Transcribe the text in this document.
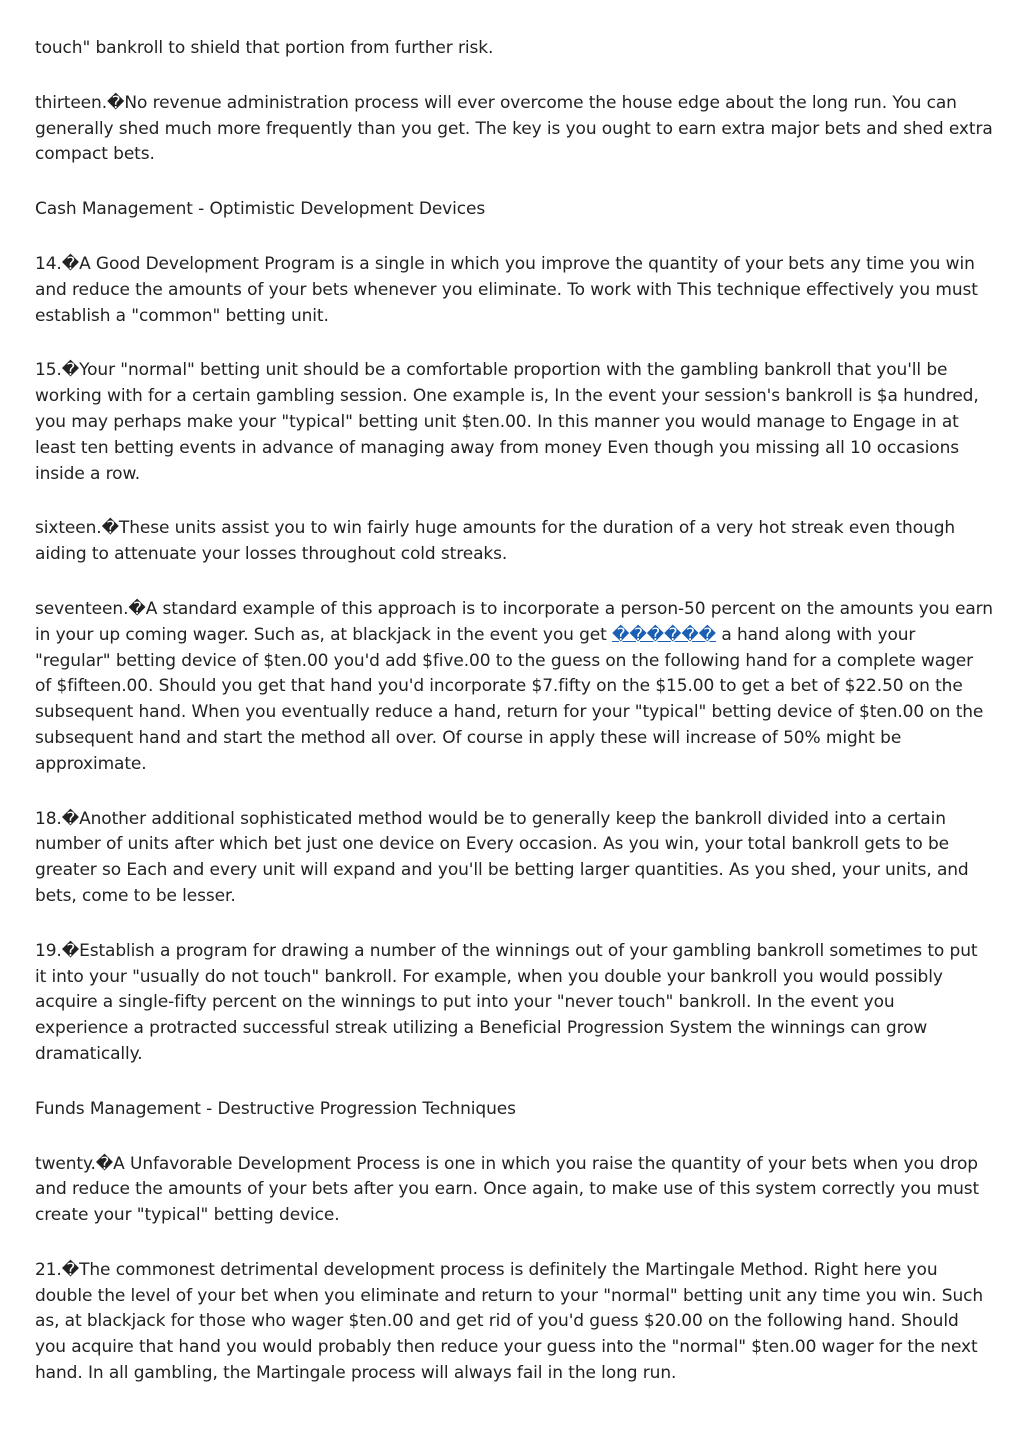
touch" bankroll to shield that portion from further risk.

thirteen.�No revenue administration process will ever overcome the house edge about the long run. You can generally shed much more frequently than you get. The key is you ought to earn extra major bets and shed extra compact bets.

Cash Management - Optimistic Development Devices

14.�A Good Development Program is a single in which you improve the quantity of your bets any time you win and reduce the amounts of your bets whenever you eliminate. To work with This technique effectively you must establish a "common" betting unit.

15.�Your "normal" betting unit should be a comfortable proportion with the gambling bankroll that you'll be working with for a certain gambling session. One example is, In the event your session's bankroll is $a hundred, you may perhaps make your "typical" betting unit $ten.00. In this manner you would manage to Engage in at least ten betting events in advance of managing away from money Even though you missing all 10 occasions inside a row.

sixteen.�These units assist you to win fairly huge amounts for the duration of a very hot streak even though aiding to attenuate your losses throughout cold streaks.

seventeen.�A standard example of this approach is to incorporate a person-50 percent on the amounts you earn in your up coming wager. Such as, at blackjack in the event you get ������ a hand along with your "regular" betting device of $ten.00 you'd add $five.00 to the guess on the following hand for a complete wager of $fifteen.00. Should you get that hand you'd incorporate $7.fifty on the $15.00 to get a bet of $22.50 on the subsequent hand. When you eventually reduce a hand, return for your "typical" betting device of $ten.00 on the subsequent hand and start the method all over. Of course in apply these will increase of 50% might be approximate.

18.�Another additional sophisticated method would be to generally keep the bankroll divided into a certain number of units after which bet just one device on Every occasion. As you win, your total bankroll gets to be greater so Each and every unit will expand and you'll be betting larger quantities. As you shed, your units, and bets, come to be lesser.

19.�Establish a program for drawing a number of the winnings out of your gambling bankroll sometimes to put it into your "usually do not touch" bankroll. For example, when you double your bankroll you would possibly acquire a single-fifty percent on the winnings to put into your "never touch" bankroll. In the event you experience a protracted successful streak utilizing a Beneficial Progression System the winnings can grow dramatically.

Funds Management - Destructive Progression Techniques

twenty.�A Unfavorable Development Process is one in which you raise the quantity of your bets when you drop and reduce the amounts of your bets after you earn. Once again, to make use of this system correctly you must create your "typical" betting device.

21.�The commonest detrimental development process is definitely the Martingale Method. Right here you double the level of your bet when you eliminate and return to your "normal" betting unit any time you win. Such as, at blackjack for those who wager $ten.00 and get rid of you'd guess $20.00 on the following hand. Should you acquire that hand you would probably then reduce your guess into the "normal" $ten.00 wager for the next hand. In all gambling, the Martingale process will always fail in the long run.
